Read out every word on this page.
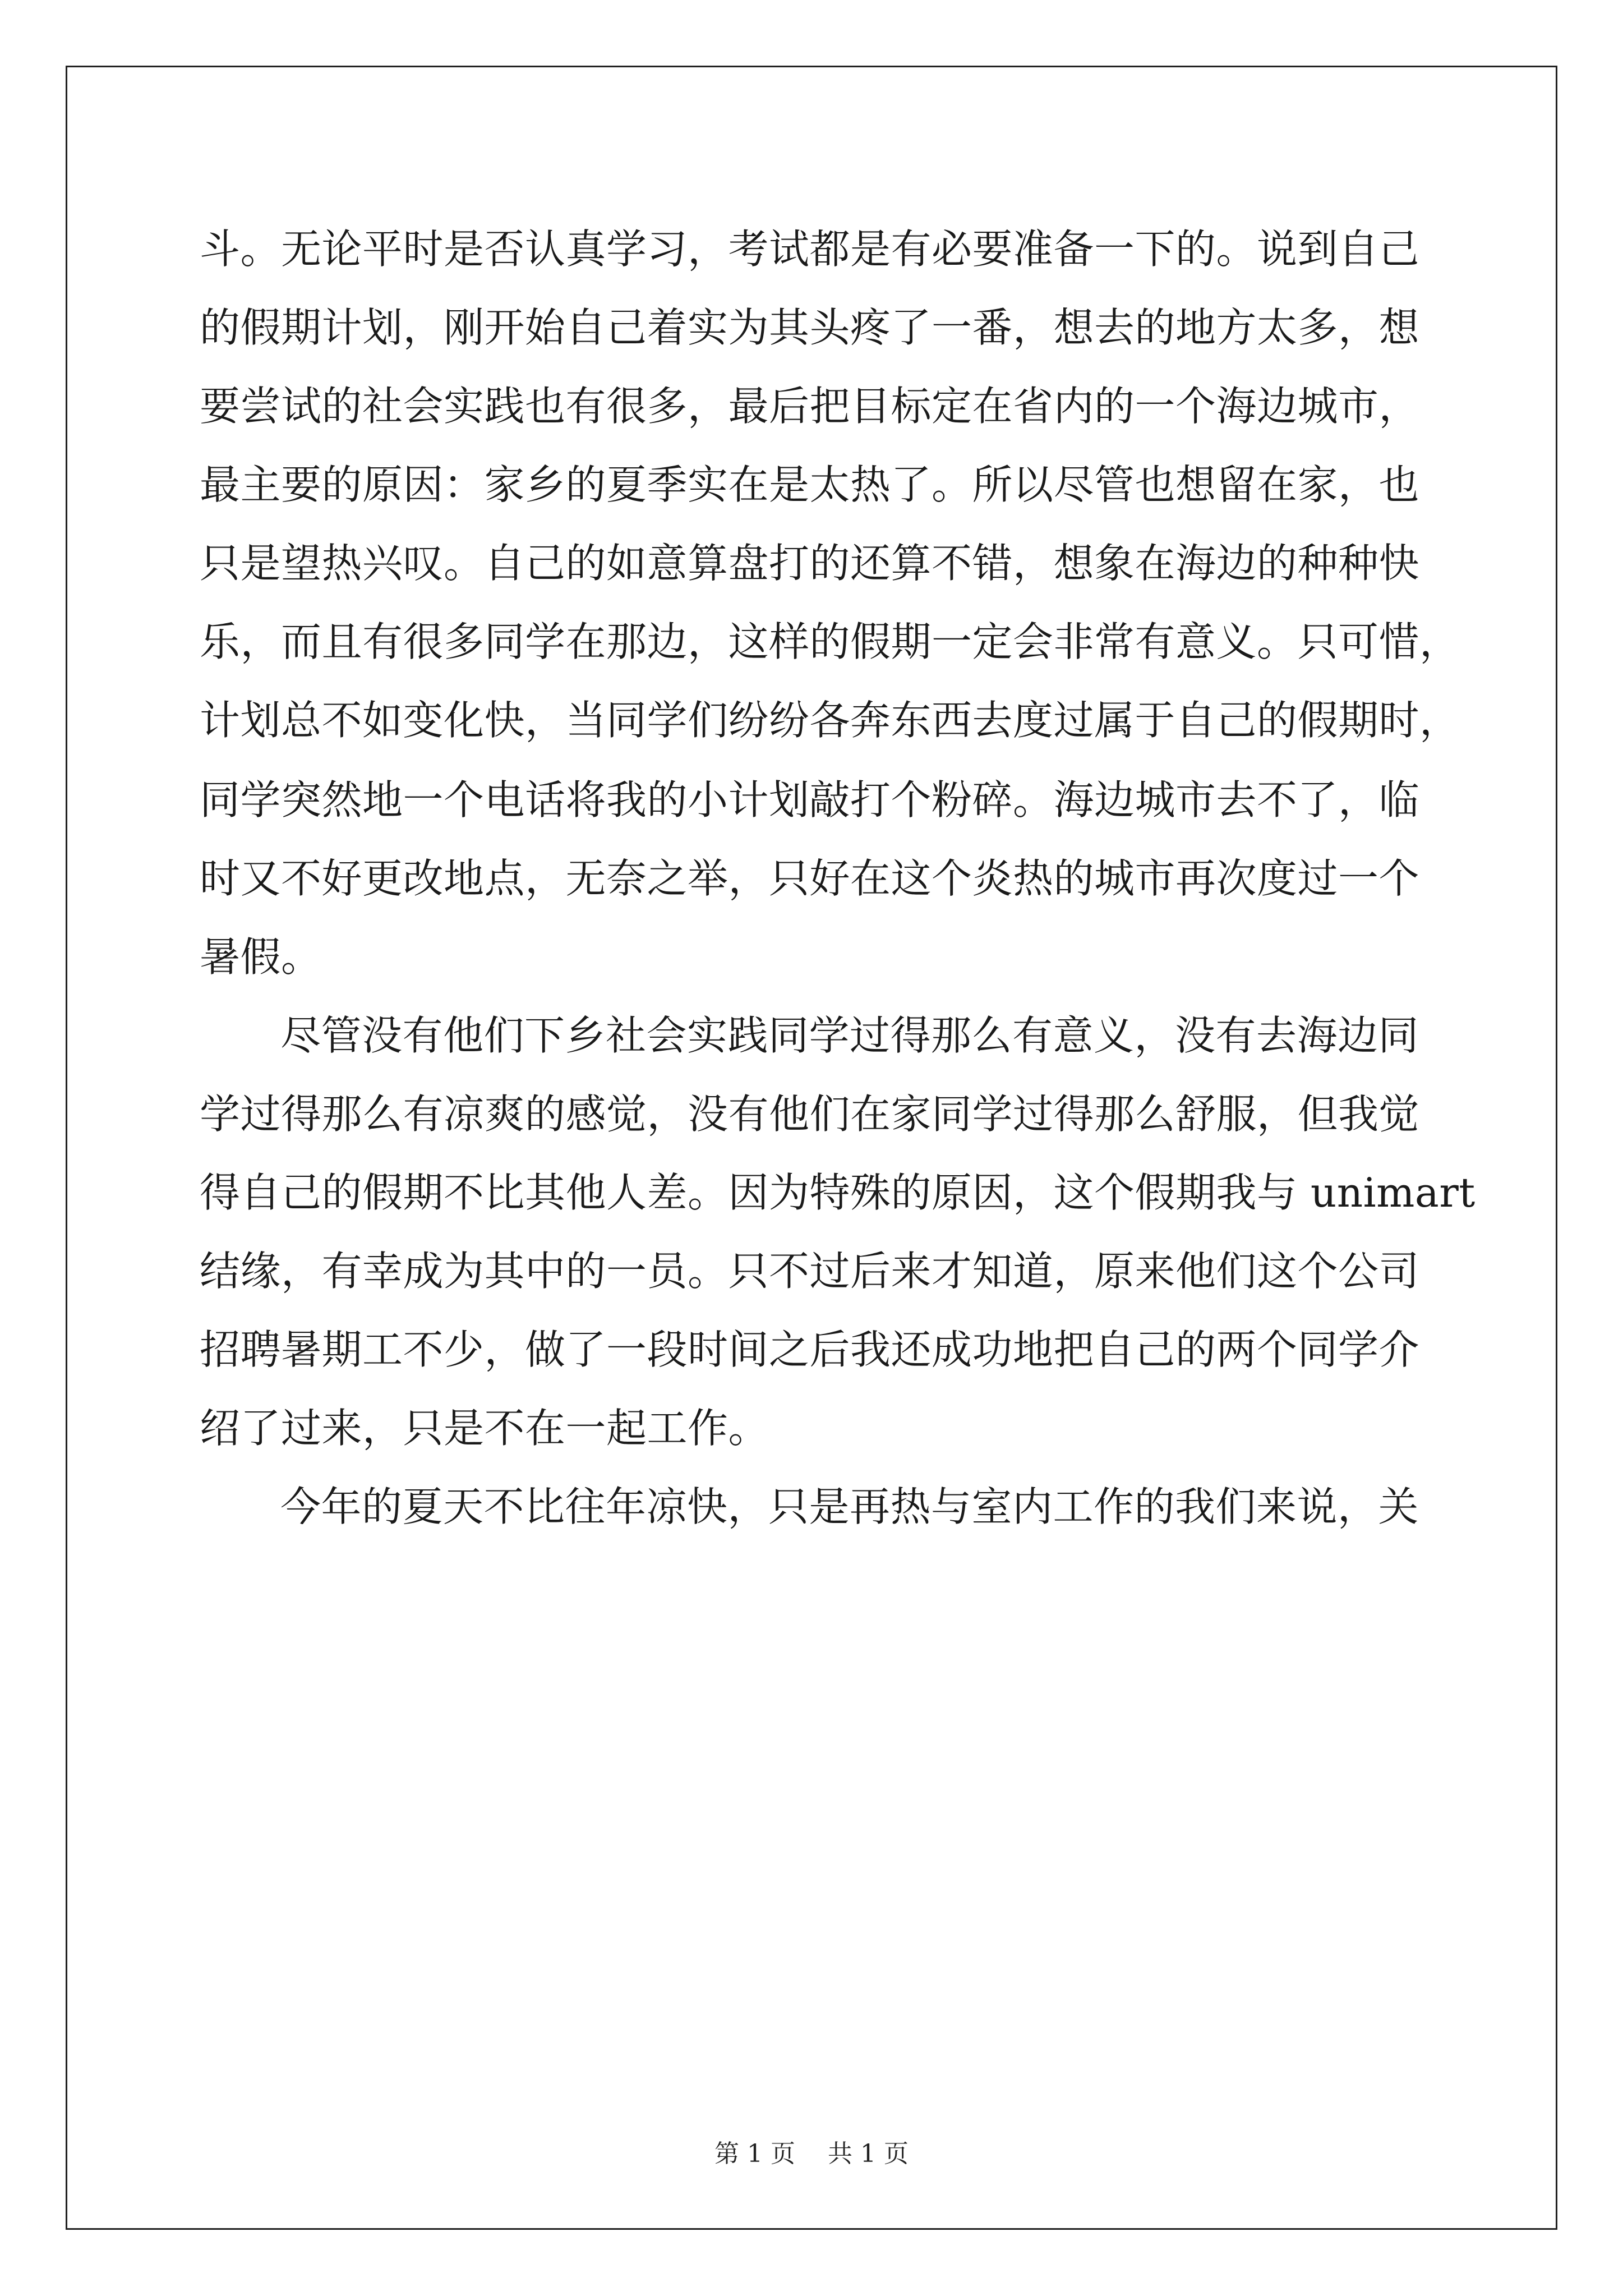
斗。无论平时是否认真学习，考试都是有必要准备一下的。说到自己
的假期计划，刚开始自己着实为其头疼了一番，想去的地方太多，想
要尝试的社会实践也有很多，最后把目标定在省内的一个海边城市，
最主要的原因：家乡的夏季实在是太热了。所以尽管也想留在家，也
只是望热兴叹。自己的如意算盘打的还算不错，想象在海边的种种快
乐，而且有很多同学在那边，这样的假期一定会非常有意义。只可惜，
计划总不如变化快，当同学们纷纷各奔东西去度过属于自己的假期时，
同学突然地一个电话将我的小计划敲打个粉碎。海边城市去不了，临
时又不好更改地点，无奈之举，只好在这个炎热的城市再次度过一个
暑假。
尽管没有他们下乡社会实践同学过得那么有意义，没有去海边同
学过得那么有凉爽的感觉，没有他们在家同学过得那么舒服，但我觉
得自己的假期不比其他人差。因为特殊的原因，这个假期我与 unimart
结缘，有幸成为其中的一员。只不过后来才知道，原来他们这个公司
招聘暑期工不少，做了一段时间之后我还成功地把自己的两个同学介
绍了过来，只是不在一起工作。
今年的夏天不比往年凉快，只是再热与室内工作的我们来说，关
第 1 页 共 1 页
